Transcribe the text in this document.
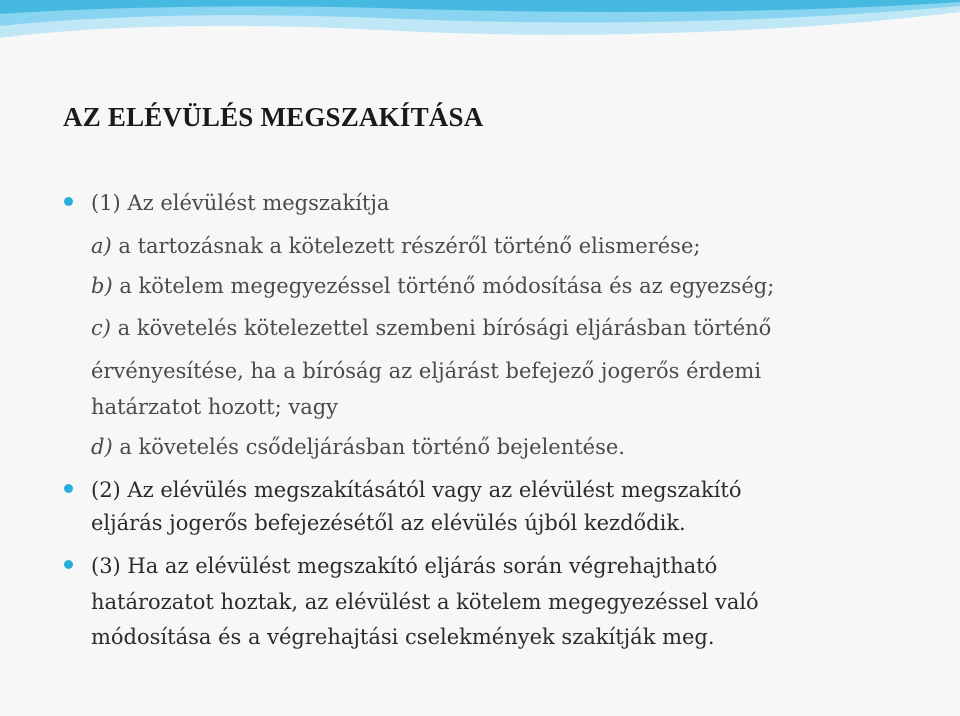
AZ ELÉVÜLÉS MEGSZAKÍTÁSA
(1) Az elévülést megszakítja
a) a tartozásnak a kötelezett részéről történő elismerése;
b) a kötelem megegyezéssel történő módosítása és az egyezség;
c) a követelés kötelezettel szembeni bírósági eljárásban történő
érvényesítése, ha a bíróság az eljárást befejező jogerős érdemi
határzatot hozott; vagy
d) a követelés csődeljárásban történő bejelentése.
(2) Az elévülés megszakításától vagy az elévülést megszakító
eljárás jogerős befejezésétől az elévülés újból kezdődik.
(3) Ha az elévülést megszakító eljárás során végrehajtható
határozatot hoztak, az elévülést a kötelem megegyezéssel való
módosítása és a végrehajtási cselekmények szakítják meg.
